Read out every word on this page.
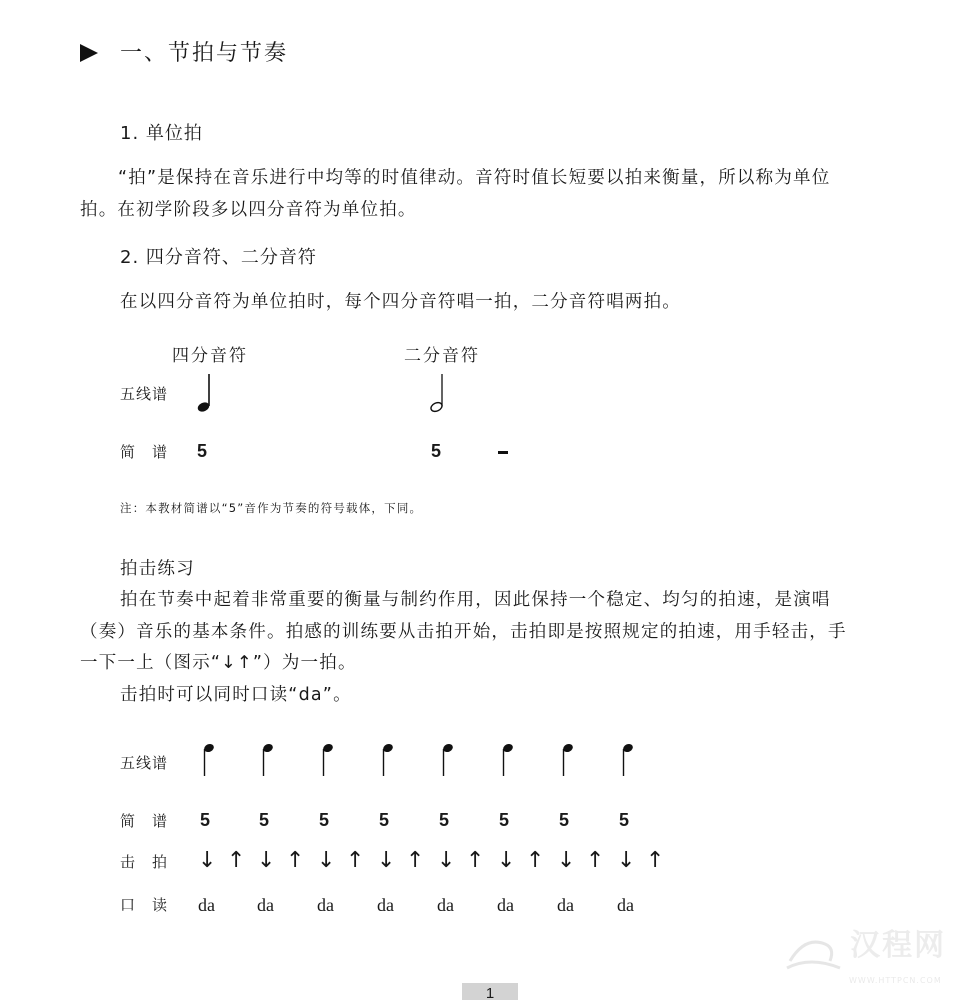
一、节拍与节奏
1. 单位拍
“拍”是保持在音乐进行中均等的时值律动。音符时值长短要以拍来衡量，所以称为单位
拍。在初学阶段多以四分音符为单位拍。
2. 四分音符、二分音符
在以四分音符为单位拍时，每个四分音符唱一拍，二分音符唱两拍。
四分音符	二分音符
五线谱
简　谱 5	5
注：本教材简谱以“5”音作为节奏的符号载体，下同。
拍击练习
拍在节奏中起着非常重要的衡量与制约作用，因此保持一个稳定、均匀的拍速，是演唱
（奏）音乐的基本条件。拍感的训练要从击拍开始，击拍即是按照规定的拍速，用手轻击，手
一下一上（图示“↓↑”）为一拍。
击拍时可以同时口读“da”。
五线谱
简　谱
击　拍
口　读
5
↓ ↑
da
5
↓ ↑
da
5
↓ ↑
da
5
↓ ↑
da
5
↓ ↑
da
5
↓ ↑
da
5
↓ ↑
da
5
↓ ↑
da
汉程网
WWW.HTTPCN.COM
1
